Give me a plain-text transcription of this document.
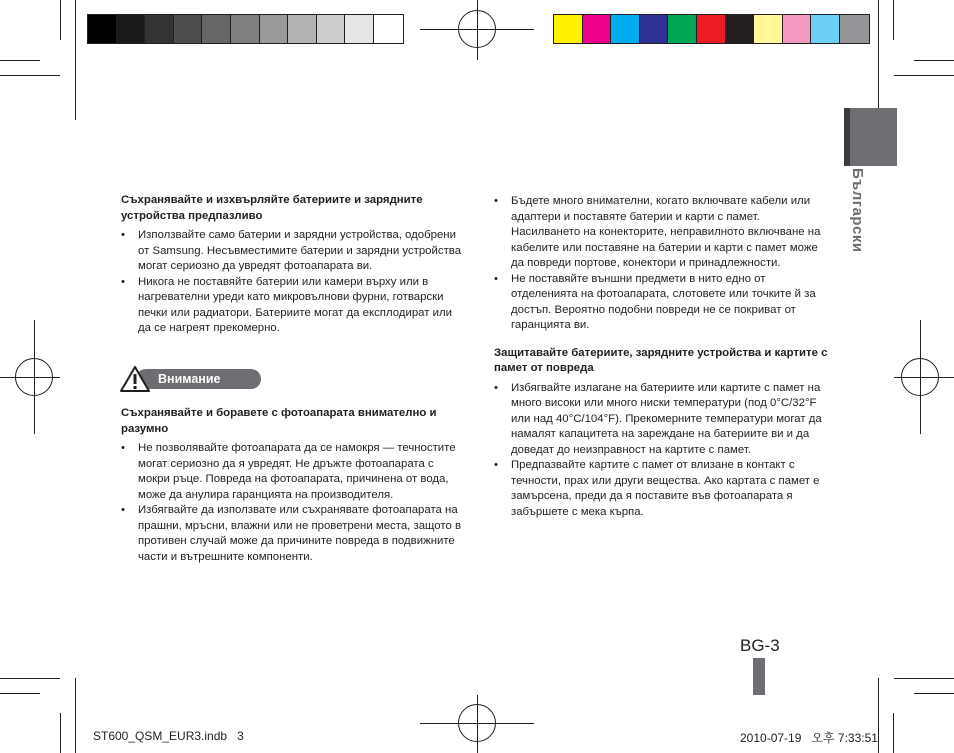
Български
Съхранявайте и изхвърляйте батериите и зарядните устройства предпазливо
• Използвайте само батерии и зарядни устройства, одобрени от Samsung. Несъвместимите батерии и зарядни устройства могат сериозно да увредят фотоапарата ви.
• Никога не поставяйте батерии или камери върху или в нагревателни уреди като микровълнови фурни, готварски печки или радиатори. Батериите могат да експлодират или да се нагреят прекомерно.
Внимание
Съхранявайте и боравете с фотоапарата внимателно и разумно
• Не позволявайте фотоапарата да се намокря — течностите могат сериозно да я увредят. Не дръжте фотоапарата с мокри ръце. Повреда на фотоапарата, причинена от вода, може да анулира гаранцията на производителя.
• Избягвайте да използвате или съхранявате фотоапарата на прашни, мръсни, влажни или не проветрени места, защото в противен случай може да причините повреда в подвижните части и вътрешните компоненти.
• Бъдете много внимателни, когато включвате кабели или адаптери и поставяте батерии и карти с памет. Насилването на конекторите, неправилното включване на кабелите или поставяне на батерии и карти с памет може да повреди портове, конектори и принадлежности.
• Не поставяйте външни предмети в нито едно от отделенията на фотоапарата, слотовете или точките й за достъп. Вероятно подобни повреди не се покриват от гаранцията ви.
Защитавайте батериите, зарядните устройства и картите с памет от повреда
• Избягвайте излагане на батериите или картите с памет на много високи или много ниски температури (под 0°C/32°F или над 40°C/104°F). Прекомерните температури могат да намалят капацитета на зареждане на батериите ви и да доведат до неизправност на картите с памет.
• Предпазвайте картите с памет от влизане в контакт с течности, прах или други вещества. Ако картата с памет е замърсена, преди да я поставите във фотоапарата я забършете с мека кърпа.
BG-3
ST600_QSM_EUR3.indb   3	2010-07-19   오후 7:33:51
